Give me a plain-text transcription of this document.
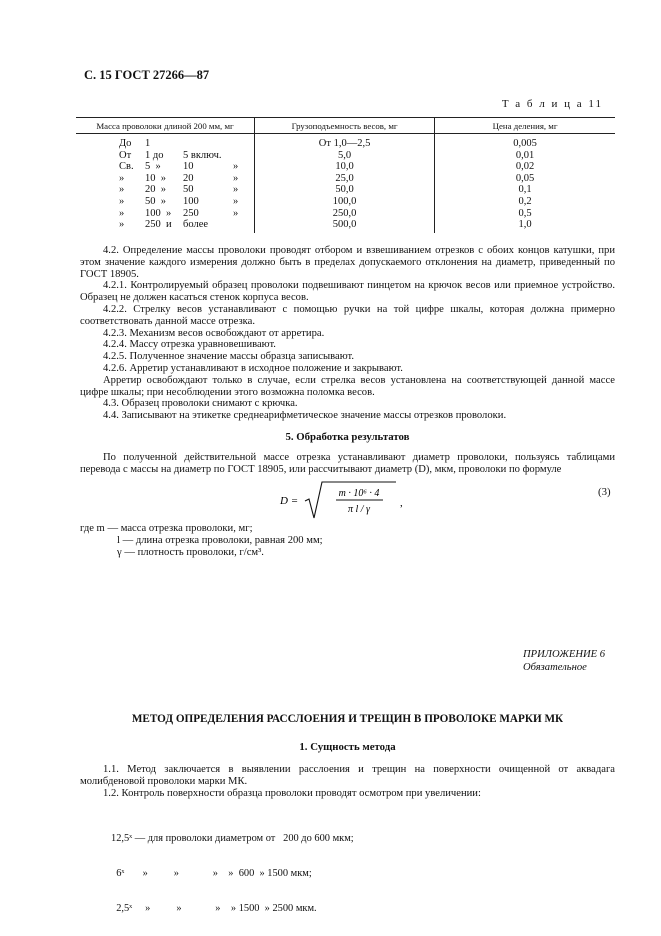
С. 15 ГОСТ 27266—87
Т а б л и ц а 11
Масса проволоки длиной 200 мм, мг	Грузоподъемность весов, мг	Цена деления, мг

До 1	От 1,0—2,5	0,005

От 1 до 5 включ.	5,0	0,01

Св. 5  » 10 »	10,0	0,02

» 10  » 20 »	25,0	0,05

» 20  » 50 »	50,0	0,1

» 50  » 100 »	100,0	0,2

» 100  » 250 »	250,0	0,5

» 250  и более	500,0	1,0

4.2. Определение массы проволоки проводят отбором и взвешиванием отрезков с обоих концов катушки, при этом значение каждого измерения должно быть в пределах допускаемого отклонения на диаметр, приведенный по ГОСТ 18905.

4.2.1. Контролируемый образец проволоки подвешивают пинцетом на крючок весов или приемное устройство. Образец не должен касаться стенок корпуса весов.

4.2.2. Стрелку весов устанавливают с помощью ручки на той цифре шкалы, которая должна примерно соответствовать данной массе отрезка.

4.2.3. Механизм весов освобождают от арретира.

4.2.4. Массу отрезка уравновешивают.

4.2.5. Полученное значение массы образца записывают.

4.2.6. Арретир устанавливают в исходное положение и закрывают.

Арретир освобождают только в случае, если стрелка весов установлена на соответствующей данной массе цифре шкалы; при несоблюдении этого возможна поломка весов.

4.3. Образец проволоки снимают с крючка.

4.4. Записывают на этикетке среднеарифметическое значение массы отрезков проволоки.

5. Обработка результатов

По полученной действительной массе отрезка устанавливают диаметр проволоки, пользуясь таблицами перевода с массы на диаметр по ГОСТ 18905, или рассчитывают диаметр (D), мкм, проволоки по формуле

D =
m · 10⁶ · 4
π l / γ
,
(3)
где m — масса отрезка проволоки, мг;
l — длина отрезка проволоки, равная 200 мм;
γ — плотность проволоки, г/см³.
ПРИЛОЖЕНИЕ 6
Обязательное
МЕТОД ОПРЕДЕЛЕНИЯ РАССЛОЕНИЯ И ТРЕЩИН В ПРОВОЛОКЕ МАРКИ МК
1. Сущность метода

1.1. Метод заключается в выявлении расслоения и трещин на поверхности очищенной от аквадага молибденовой проволоки марки МК.

1.2. Контроль поверхности образца проволоки проводят осмотром при увеличении:

12,5ˣ — для проволоки диаметром от   200 до 600 мкм;

6ˣ       »          »             »    »  600  » 1500 мкм;

2,5ˣ     »          »             »    » 1500  » 2500 мкм.
